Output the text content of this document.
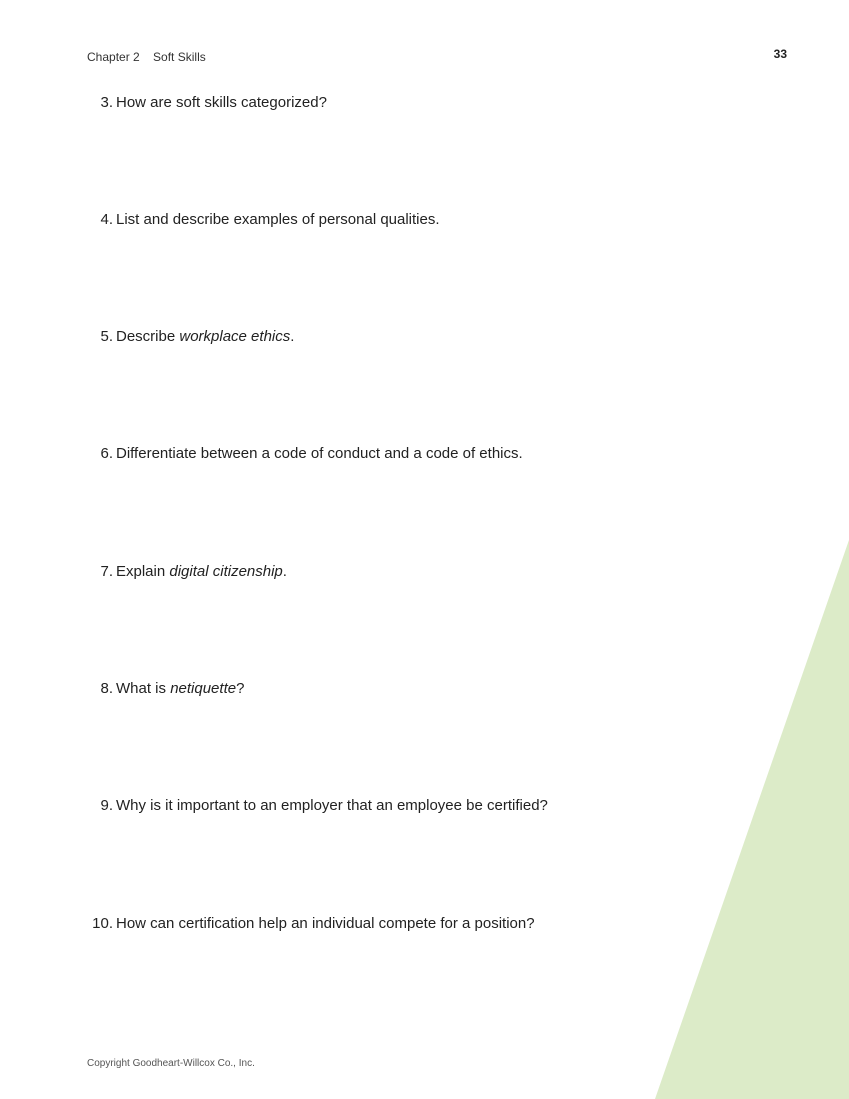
Chapter 2 Soft Skills	33
3. How are soft skills categorized?
4. List and describe examples of personal qualities.
5. Describe workplace ethics.
6. Differentiate between a code of conduct and a code of ethics.
7. Explain digital citizenship.
8. What is netiquette?
9. Why is it important to an employer that an employee be certified?
10. How can certification help an individual compete for a position?
Copyright Goodheart-Willcox Co., Inc.
